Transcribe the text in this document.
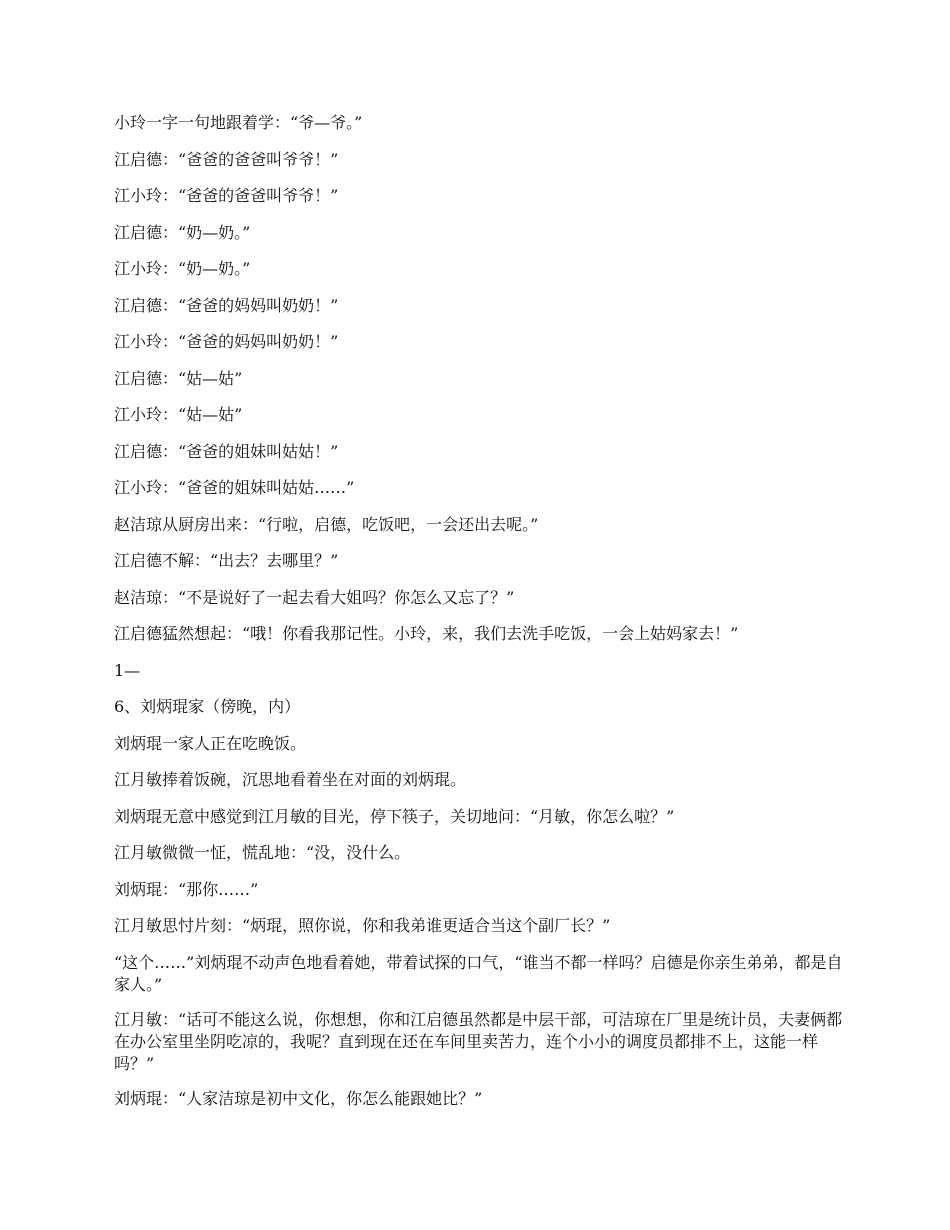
小玲一字一句地跟着学：“爷—爷。”

江启德：“爸爸的爸爸叫爷爷！”

江小玲：“爸爸的爸爸叫爷爷！”

江启德：“奶—奶。”

江小玲：“奶—奶。”

江启德：“爸爸的妈妈叫奶奶！”

江小玲：“爸爸的妈妈叫奶奶！”

江启德：“姑—姑”

江小玲：“姑—姑”

江启德：“爸爸的姐妹叫姑姑！”

江小玲：“爸爸的姐妹叫姑姑……”

赵洁琼从厨房出来：“行啦，启德，吃饭吧，一会还出去呢。”

江启德不解：“出去？去哪里？”

赵洁琼：“不是说好了一起去看大姐吗？你怎么又忘了？”

江启德猛然想起：“哦！你看我那记性。小玲，来，我们去洗手吃饭，一会上姑妈家去！”

1—

6、刘炳琨家（傍晚，内）

刘炳琨一家人正在吃晚饭。

江月敏捧着饭碗，沉思地看着坐在对面的刘炳琨。

刘炳琨无意中感觉到江月敏的目光，停下筷子，关切地问：“月敏，你怎么啦？”

江月敏微微一怔，慌乱地：“没，没什么。

刘炳琨：“那你……”

江月敏思忖片刻：“炳琨，照你说，你和我弟谁更适合当这个副厂长？”

“这个……”刘炳琨不动声色地看着她，带着试探的口气，“谁当不都一样吗？启德是你亲生弟弟，都是自家人。”

江月敏：“话可不能这么说，你想想，你和江启德虽然都是中层干部，可洁琼在厂里是统计员，夫妻俩都在办公室里坐阴吃凉的，我呢？直到现在还在车间里卖苦力，连个小小的调度员都排不上，这能一样吗？”

刘炳琨：“人家洁琼是初中文化，你怎么能跟她比？”
